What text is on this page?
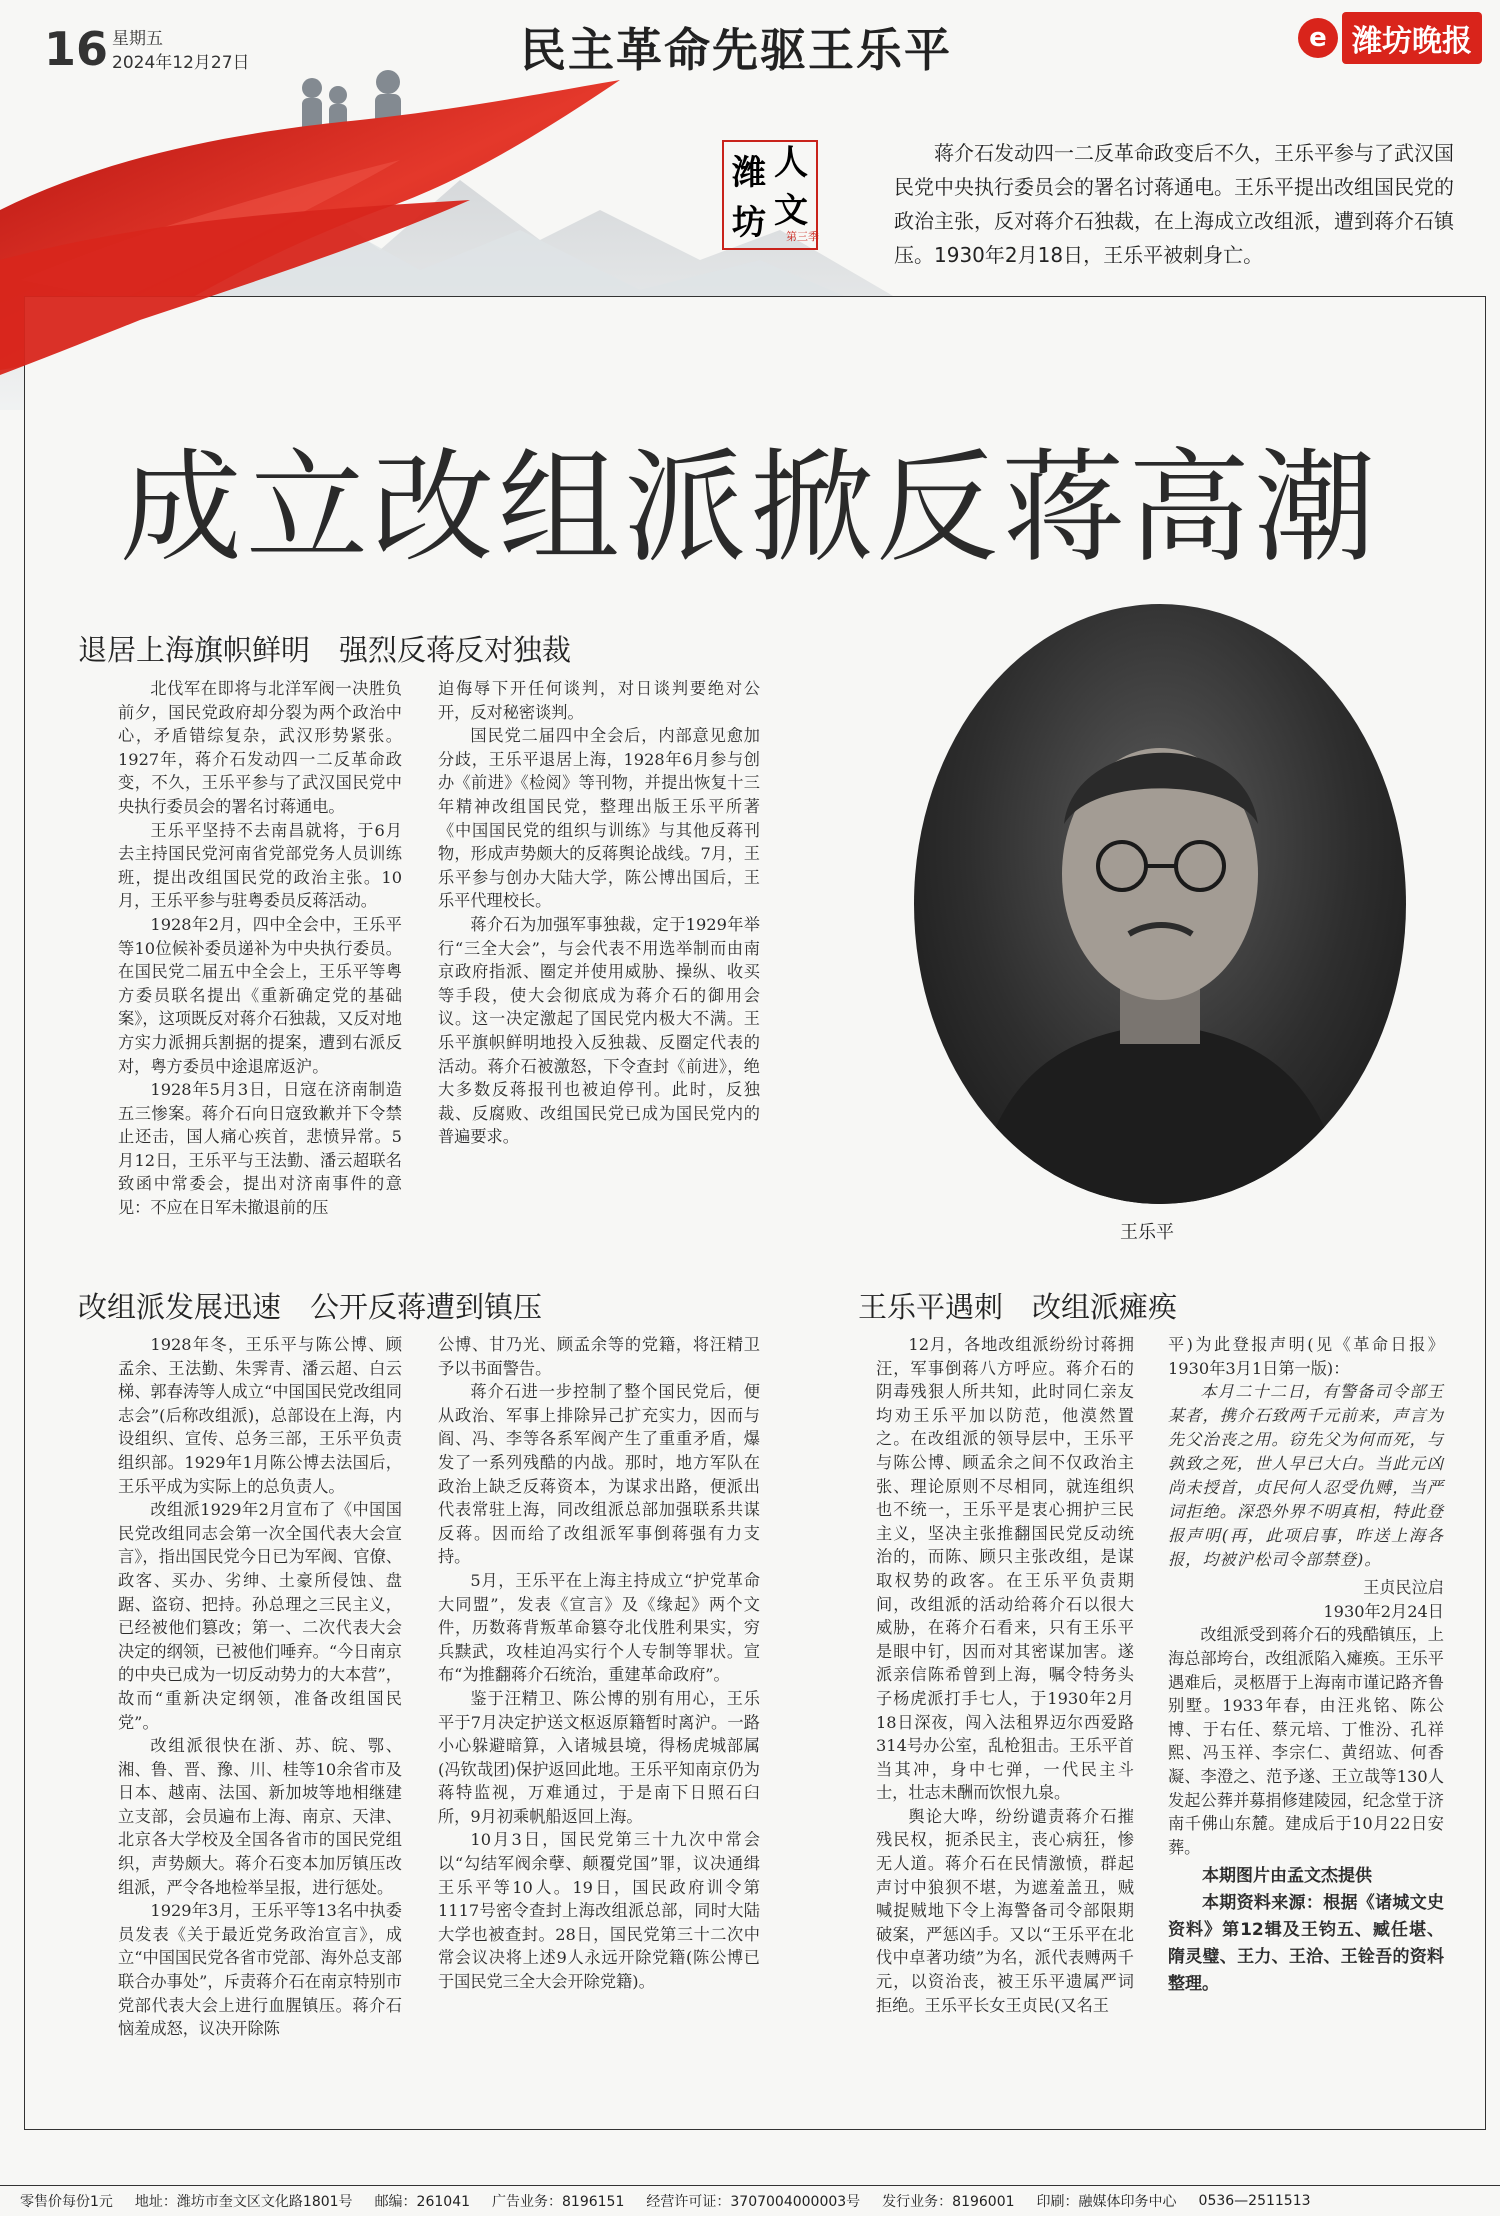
16 星期五
2024年12月27日	民主革命先驱王乐平	e 潍坊晚报
潍
坊
人
文
第三季
蒋介石发动四一二反革命政变后不久，王乐平参与了武汉国民党中央执行委员会的署名讨蒋通电。王乐平提出改组国民党的政治主张，反对蒋介石独裁，在上海成立改组派，遭到蒋介石镇压。1930年2月18日，王乐平被刺身亡。
成立改组派掀反蒋高潮
退居上海旗帜鲜明　强烈反蒋反对独裁

北伐军在即将与北洋军阀一决胜负前夕，国民党政府却分裂为两个政治中心，矛盾错综复杂，武汉形势紧张。1927年，蒋介石发动四一二反革命政变，不久，王乐平参与了武汉国民党中央执行委员会的署名讨蒋通电。

王乐平坚持不去南昌就将，于6月去主持国民党河南省党部党务人员训练班，提出改组国民党的政治主张。10月，王乐平参与驻粤委员反蒋活动。

1928年2月，四中全会中，王乐平等10位候补委员递补为中央执行委员。在国民党二届五中全会上，王乐平等粤方委员联名提出《重新确定党的基础案》，这项既反对蒋介石独裁，又反对地方实力派拥兵割据的提案，遭到右派反对，粤方委员中途退席返沪。

1928年5月3日，日寇在济南制造五三惨案。蒋介石向日寇致歉并下令禁止还击，国人痛心疾首，悲愤异常。5月12日，王乐平与王法勤、潘云超联名致函中常委会，提出对济南事件的意见：不应在日军未撤退前的压

迫侮辱下开任何谈判，对日谈判要绝对公开，反对秘密谈判。

国民党二届四中全会后，内部意见愈加分歧，王乐平退居上海，1928年6月参与创办《前进》《检阅》等刊物，并提出恢复十三年精神改组国民党，整理出版王乐平所著《中国国民党的组织与训练》与其他反蒋刊物，形成声势颇大的反蒋舆论战线。7月，王乐平参与创办大陆大学，陈公博出国后，王乐平代理校长。

蒋介石为加强军事独裁，定于1929年举行“三全大会”，与会代表不用选举制而由南京政府指派、圈定并使用威胁、操纵、收买等手段，使大会彻底成为蒋介石的御用会议。这一决定激起了国民党内极大不满。王乐平旗帜鲜明地投入反独裁、反圈定代表的活动。蒋介石被激怒，下令查封《前进》，绝大多数反蒋报刊也被迫停刊。此时，反独裁、反腐败、改组国民党已成为国民党内的普遍要求。

王乐平
改组派发展迅速　公开反蒋遭到镇压

1928年冬，王乐平与陈公博、顾孟余、王法勤、朱霁青、潘云超、白云梯、郭春涛等人成立“中国国民党改组同志会”(后称改组派)，总部设在上海，内设组织、宣传、总务三部，王乐平负责组织部。1929年1月陈公博去法国后，王乐平成为实际上的总负责人。

改组派1929年2月宣布了《中国国民党改组同志会第一次全国代表大会宣言》，指出国民党今日已为军阀、官僚、政客、买办、劣绅、土豪所侵蚀、盘踞、盗窃、把持。孙总理之三民主义，已经被他们篡改；第一、二次代表大会决定的纲领，已被他们唾弃。“今日南京的中央已成为一切反动势力的大本营”，故而“重新决定纲领，准备改组国民党”。

改组派很快在浙、苏、皖、鄂、湘、鲁、晋、豫、川、桂等10余省市及日本、越南、法国、新加坡等地相继建立支部，会员遍布上海、南京、天津、北京各大学校及全国各省市的国民党组织，声势颇大。蒋介石变本加厉镇压改组派，严令各地检举呈报，进行惩处。

1929年3月，王乐平等13名中执委员发表《关于最近党务政治宣言》，成立“中国国民党各省市党部、海外总支部联合办事处”，斥责蒋介石在南京特别市党部代表大会上进行血腥镇压。蒋介石恼羞成怒，议决开除陈

公博、甘乃光、顾孟余等的党籍，将汪精卫予以书面警告。

蒋介石进一步控制了整个国民党后，便从政治、军事上排除异己扩充实力，因而与阎、冯、李等各系军阀产生了重重矛盾，爆发了一系列残酷的内战。那时，地方军队在政治上缺乏反蒋资本，为谋求出路，便派出代表常驻上海，同改组派总部加强联系共谋反蒋。因而给了改组派军事倒蒋强有力支持。

5月，王乐平在上海主持成立“护党革命大同盟”，发表《宣言》及《缘起》两个文件，历数蒋背叛革命篡夺北伐胜利果实，穷兵黩武，攻桂迫冯实行个人专制等罪状。宣布“为推翻蒋介石统治，重建革命政府”。

鉴于汪精卫、陈公博的别有用心，王乐平于7月决定护送文枢返原籍暂时离沪。一路小心躲避暗算，入诸城县境，得杨虎城部属(冯钦哉团)保护返回此地。王乐平知南京仍为蒋特监视，万难通过，于是南下日照石臼所，9月初乘帆船返回上海。

10月3日，国民党第三十九次中常会以“勾结军阀余孽、颠覆党国”罪，议决通缉王乐平等10人。19日，国民政府训令第1117号密令查封上海改组派总部，同时大陆大学也被查封。28日，国民党第三十二次中常会议决将上述9人永远开除党籍(陈公博已于国民党三全大会开除党籍)。

王乐平遇刺　改组派瘫痪

12月，各地改组派纷纷讨蒋拥汪，军事倒蒋八方呼应。蒋介石的阴毒残狠人所共知，此时同仁亲友均劝王乐平加以防范，他漠然置之。在改组派的领导层中，王乐平与陈公博、顾孟余之间不仅政治主张、理论原则不尽相同，就连组织也不统一，王乐平是衷心拥护三民主义，坚决主张推翻国民党反动统治的，而陈、顾只主张改组，是谋取权势的政客。在王乐平负责期间，改组派的活动给蒋介石以很大威胁，在蒋介石看来，只有王乐平是眼中钉，因而对其密谋加害。遂派亲信陈希曾到上海，嘱令特务头子杨虎派打手七人，于1930年2月18日深夜，闯入法租界迈尔西爱路314号办公室，乱枪狙击。王乐平首当其冲，身中七弹，一代民主斗士，壮志未酬而饮恨九泉。

舆论大哗，纷纷谴责蒋介石摧残民权，扼杀民主，丧心病狂，惨无人道。蒋介石在民情激愤，群起声讨中狼狈不堪，为遮羞盖丑，贼喊捉贼地下令上海警备司令部限期破案，严惩凶手。又以“王乐平在北伐中卓著功绩”为名，派代表赙两千元，以资治丧，被王乐平遗属严词拒绝。王乐平长女王贞民(又名王

平)为此登报声明(见《革命日报》1930年3月1日第一版)：

本月二十二日，有警备司令部王某者，携介石致两千元前来，声言为先父治丧之用。窃先父为何而死，与孰致之死，世人早已大白。当此元凶尚未授首，贞民何人忍受仇赙，当严词拒绝。深恐外界不明真相，特此登报声明(再，此项启事，昨送上海各报，均被沪松司令部禁登)。

王贞民泣启
1930年2月24日

改组派受到蒋介石的残酷镇压，上海总部垮台，改组派陷入瘫痪。王乐平遇难后，灵柩厝于上海南市谨记路齐鲁别墅。1933年春，由汪兆铭、陈公博、于右任、蔡元培、丁惟汾、孔祥熙、冯玉祥、李宗仁、黄绍竑、何香凝、李澄之、范予遂、王立哉等130人发起公葬并募捐修建陵园，纪念堂于济南千佛山东麓。建成后于10月22日安葬。

本期图片由孟文杰提供

本期资料来源：根据《诸城文史资料》第12辑及王钧五、臧任堪、隋灵璧、王力、王洽、王铨吾的资料整理。

零售价每份1元 地址：潍坊市奎文区文化路1801号 邮编：261041 广告业务：8196151 经营许可证：3707004000003号 发行业务：8196001 印刷：融媒体印务中心 0536—2511513
